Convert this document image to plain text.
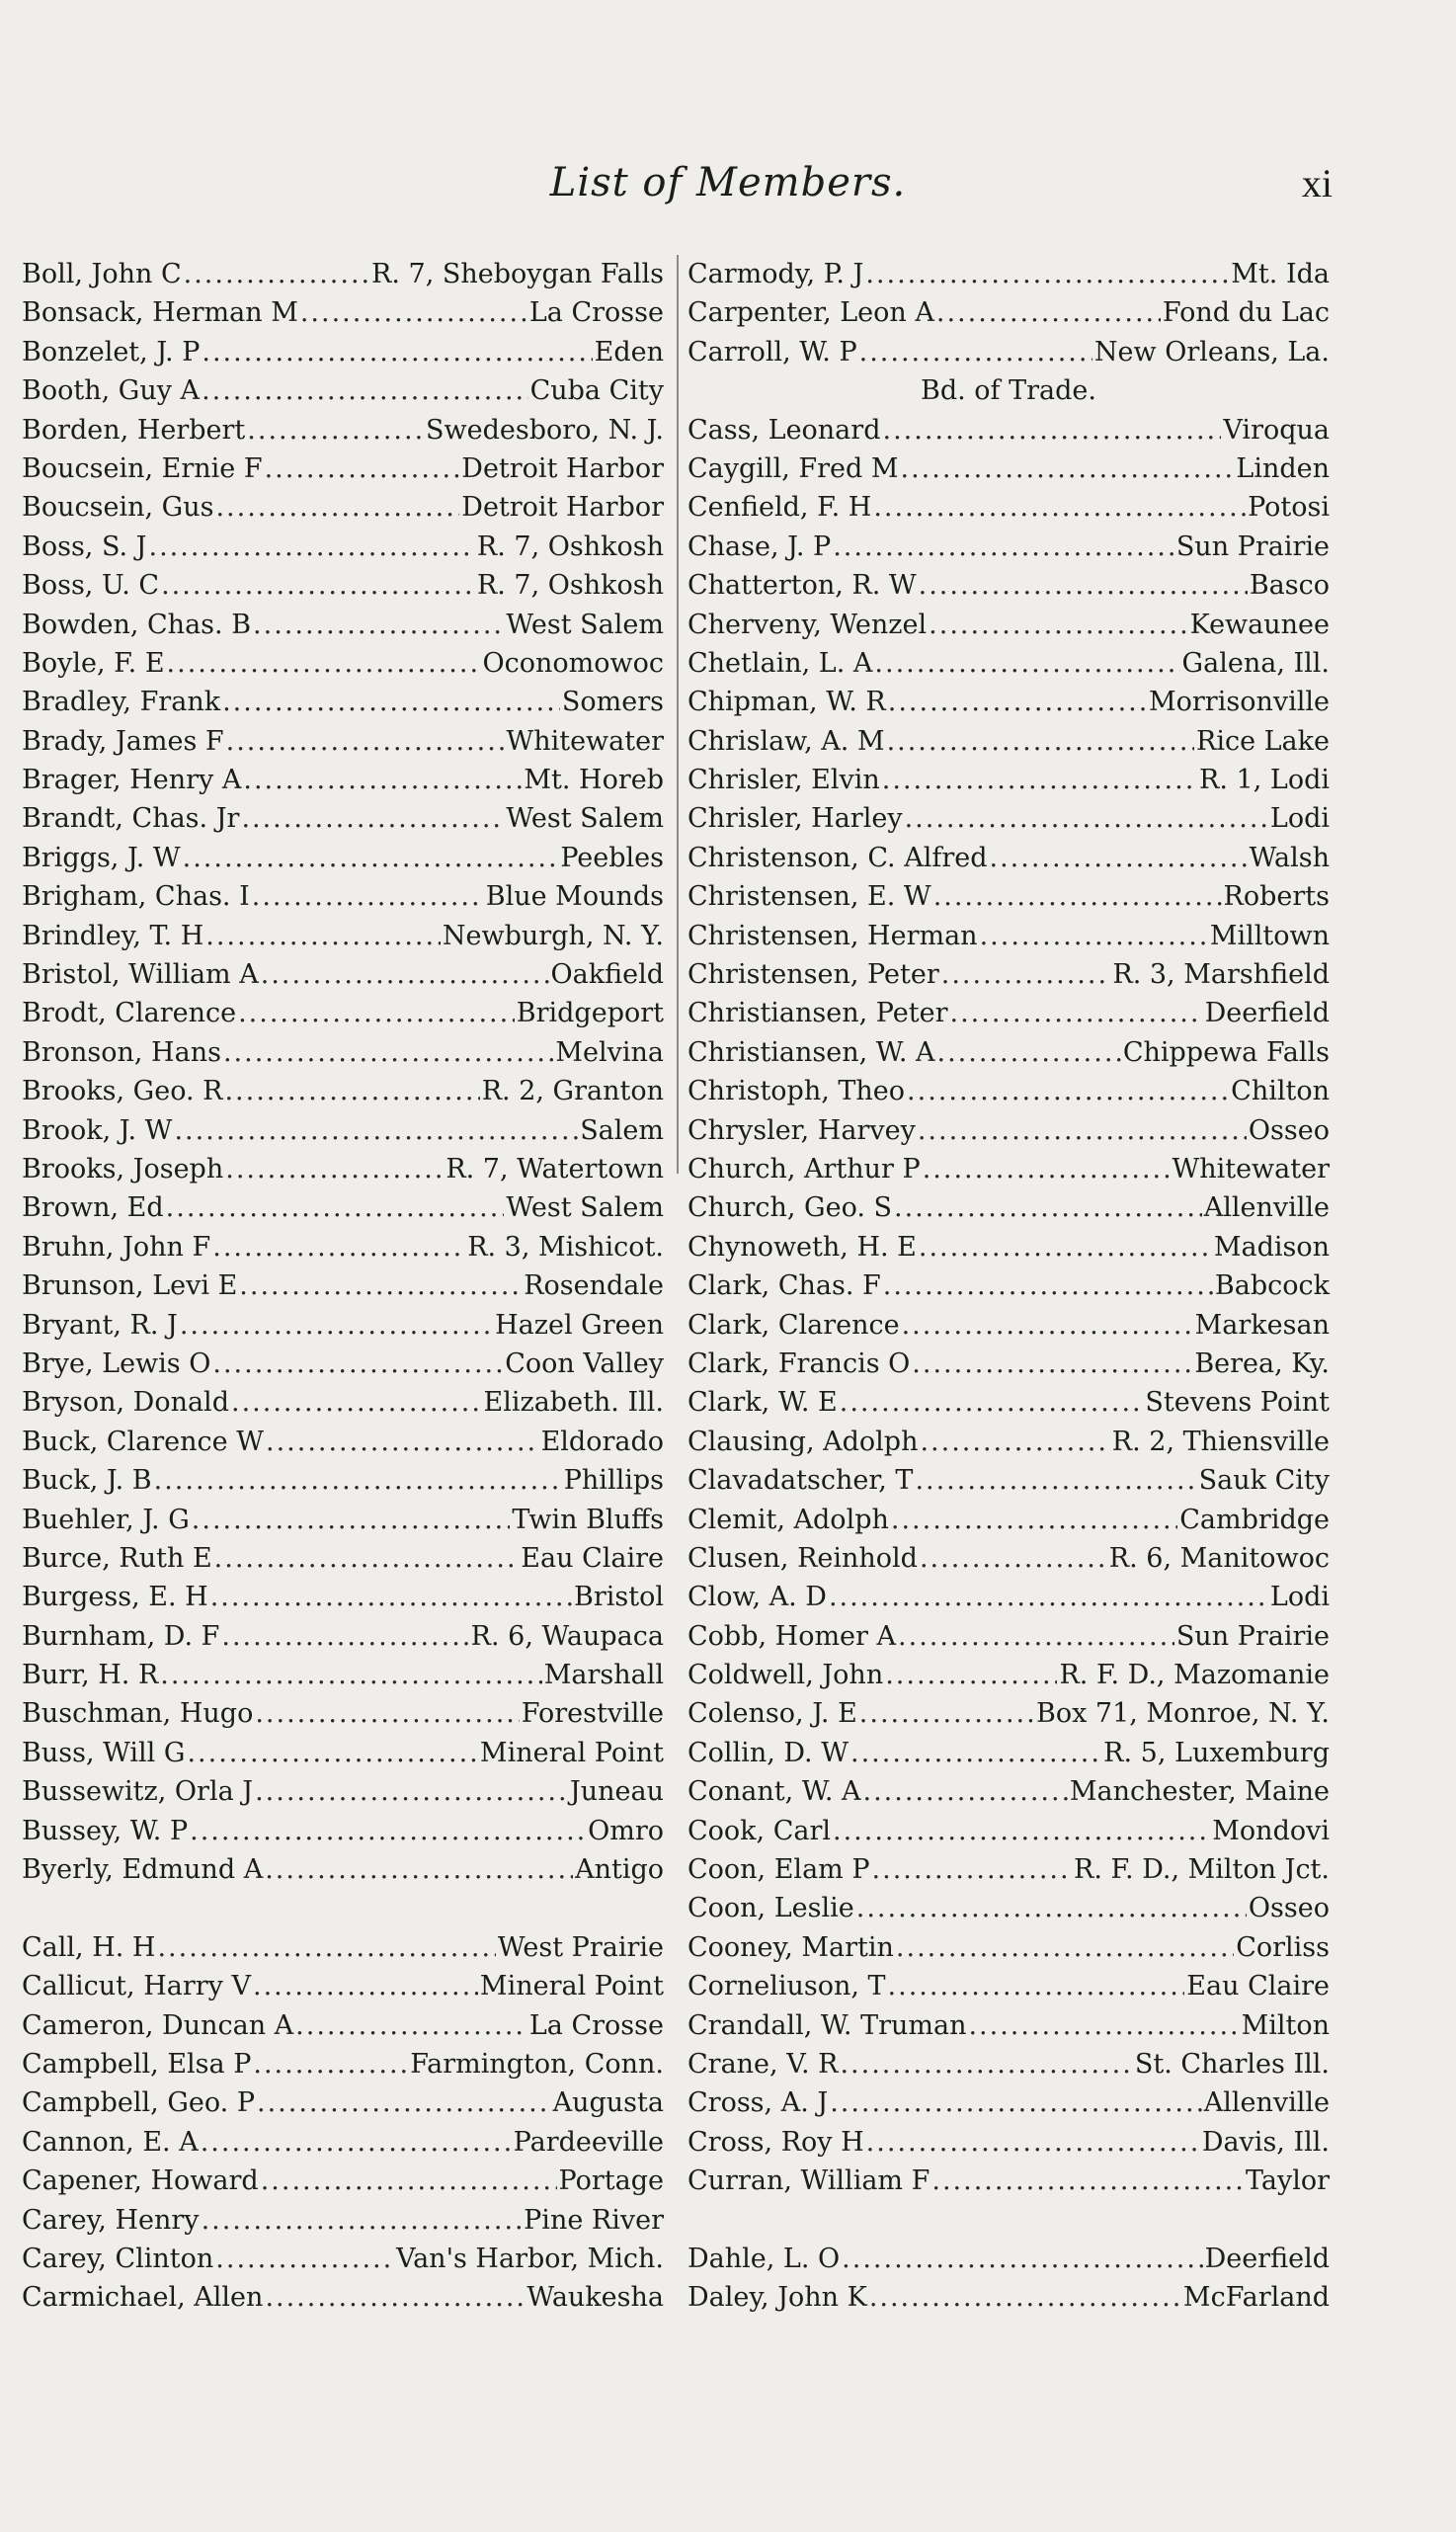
List of Members.	xi
Boll, John C .....	R. 7, Sheboygan Falls
Bonsack, Herman M .....	La Crosse
Bonzelet, J. P .....	Eden
Booth, Guy A .....	Cuba City
Borden, Herbert .....	Swedesboro, N. J.
Boucsein, Ernie F .....	Detroit Harbor
Boucsein, Gus .....	Detroit Harbor
Boss, S. J .....	R. 7, Oshkosh
Boss, U. C .....	R. 7, Oshkosh
Bowden, Chas. B .....	West Salem
Boyle, F. E .....	Oconomowoc
Bradley, Frank .....	Somers
Brady, James F .....	Whitewater
Brager, Henry A .....	Mt. Horeb
Brandt, Chas. Jr .....	West Salem
Briggs, J. W .....	Peebles
Brigham, Chas. I .....	Blue Mounds
Brindley, T. H .....	Newburgh, N. Y.
Bristol, William A .....	Oakfield
Brodt, Clarence .....	Bridgeport
Bronson, Hans .....	Melvina
Brooks, Geo. R .....	R. 2, Granton
Brook, J. W .....	Salem
Brooks, Joseph .....	R. 7, Watertown
Brown, Ed .....	West Salem
Bruhn, John F .....	R. 3, Mishicot.
Brunson, Levi E .....	Rosendale
Bryant, R. J .....	Hazel Green
Brye, Lewis O .....	Coon Valley
Bryson, Donald .....	Elizabeth. Ill.
Buck, Clarence W .....	Eldorado
Buck, J. B .....	Phillips
Buehler, J. G .....	Twin Bluffs
Burce, Ruth E .....	Eau Claire
Burgess, E. H .....	Bristol
Burnham, D. F .....	R. 6, Waupaca
Burr, H. R .....	Marshall
Buschman, Hugo .....	Forestville
Buss, Will G .....	Mineral Point
Bussewitz, Orla J .....	Juneau
Bussey, W. P .....	Omro
Byerly, Edmund A .....	Antigo
Call, H. H .....	West Prairie
Callicut, Harry V .....	Mineral Point
Cameron, Duncan A .....	La Crosse
Campbell, Elsa P .....	Farmington, Conn.
Campbell, Geo. P .....	Augusta
Cannon, E. A .....	Pardeeville
Capener, Howard .....	Portage
Carey, Henry .....	Pine River
Carey, Clinton .....	Van's Harbor, Mich.
Carmichael, Allen .....	Waukesha
Carmody, P. J .....	Mt. Ida
Carpenter, Leon A .....	Fond du Lac
Carroll, W. P .....	New Orleans, La.
Bd. of Trade.
Cass, Leonard .....	Viroqua
Caygill, Fred M .....	Linden
Cenfield, F. H .....	Potosi
Chase, J. P .....	Sun Prairie
Chatterton, R. W .....	Basco
Cherveny, Wenzel .....	Kewaunee
Chetlain, L. A .....	Galena, Ill.
Chipman, W. R .....	Morrisonville
Chrislaw, A. M .....	Rice Lake
Chrisler, Elvin .....	R. 1, Lodi
Chrisler, Harley .....	Lodi
Christenson, C. Alfred .....	Walsh
Christensen, E. W .....	Roberts
Christensen, Herman .....	Milltown
Christensen, Peter .....	R. 3, Marshfield
Christiansen, Peter .....	Deerfield
Christiansen, W. A .....	Chippewa Falls
Christoph, Theo .....	Chilton
Chrysler, Harvey .....	Osseo
Church, Arthur P .....	Whitewater
Church, Geo. S .....	Allenville
Chynoweth, H. E .....	Madison
Clark, Chas. F .....	Babcock
Clark, Clarence .....	Markesan
Clark, Francis O .....	Berea, Ky.
Clark, W. E .....	Stevens Point
Clausing, Adolph .....	R. 2, Thiensville
Clavadatscher, T .....	Sauk City
Clemit, Adolph .....	Cambridge
Clusen, Reinhold .....	R. 6, Manitowoc
Clow, A. D .....	Lodi
Cobb, Homer A .....	Sun Prairie
Coldwell, John .....	R. F. D., Mazomanie
Colenso, J. E .....	Box 71, Monroe, N. Y.
Collin, D. W .....	R. 5, Luxemburg
Conant, W. A .....	Manchester, Maine
Cook, Carl .....	Mondovi
Coon, Elam P .....	R. F. D., Milton Jct.
Coon, Leslie .....	Osseo
Cooney, Martin .....	Corliss
Corneliuson, T .....	Eau Claire
Crandall, W. Truman .....	Milton
Crane, V. R .....	St. Charles Ill.
Cross, A. J .....	Allenville
Cross, Roy H .....	Davis, Ill.
Curran, William F .....	Taylor
Dahle, L. O .....	Deerfield
Daley, John K .....	McFarland
